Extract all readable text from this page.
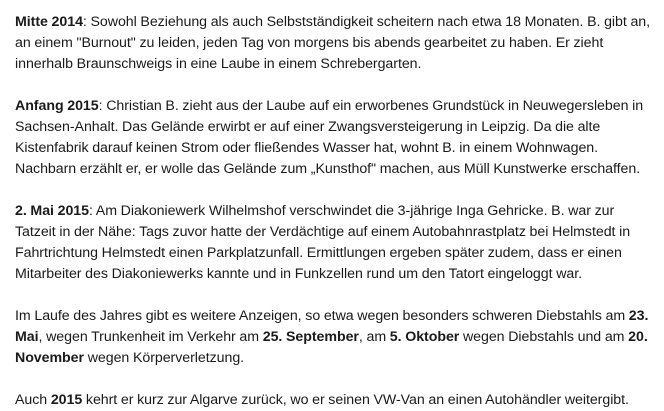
Mitte 2014: Sowohl Beziehung als auch Selbstständigkeit scheitern nach etwa 18 Monaten. B. gibt an,
an einem "Burnout" zu leiden, jeden Tag von morgens bis abends gearbeitet zu haben. Er zieht
innerhalb Braunschweigs in eine Laube in einem Schrebergarten.

Anfang 2015: Christian B. zieht aus der Laube auf ein erworbenes Grundstück in Neuwegersleben in
Sachsen-Anhalt. Das Gelände erwirbt er auf einer Zwangsversteigerung in Leipzig. Da die alte
Kistenfabrik darauf keinen Strom oder fließendes Wasser hat, wohnt B. in einem Wohnwagen.
Nachbarn erzählt er, er wolle das Gelände zum „Kunsthof" machen, aus Müll Kunstwerke erschaffen.

2. Mai 2015: Am Diakoniewerk Wilhelmshof verschwindet die 3-jährige Inga Gehricke. B. war zur
Tatzeit in der Nähe: Tags zuvor hatte der Verdächtige auf einem Autobahnrastplatz bei Helmstedt in
Fahrtrichtung Helmstedt einen Parkplatzunfall. Ermittlungen ergeben später zudem, dass er einen
Mitarbeiter des Diakoniewerks kannte und in Funkzellen rund um den Tatort eingeloggt war.

Im Laufe des Jahres gibt es weitere Anzeigen, so etwa wegen besonders schweren Diebstahls am 23.
Mai, wegen Trunkenheit im Verkehr am 25. September, am 5. Oktober wegen Diebstahls und am 20.
November wegen Körperverletzung.

Auch 2015 kehrt er kurz zur Algarve zurück, wo er seinen VW-Van an einen Autohändler weitergibt.
